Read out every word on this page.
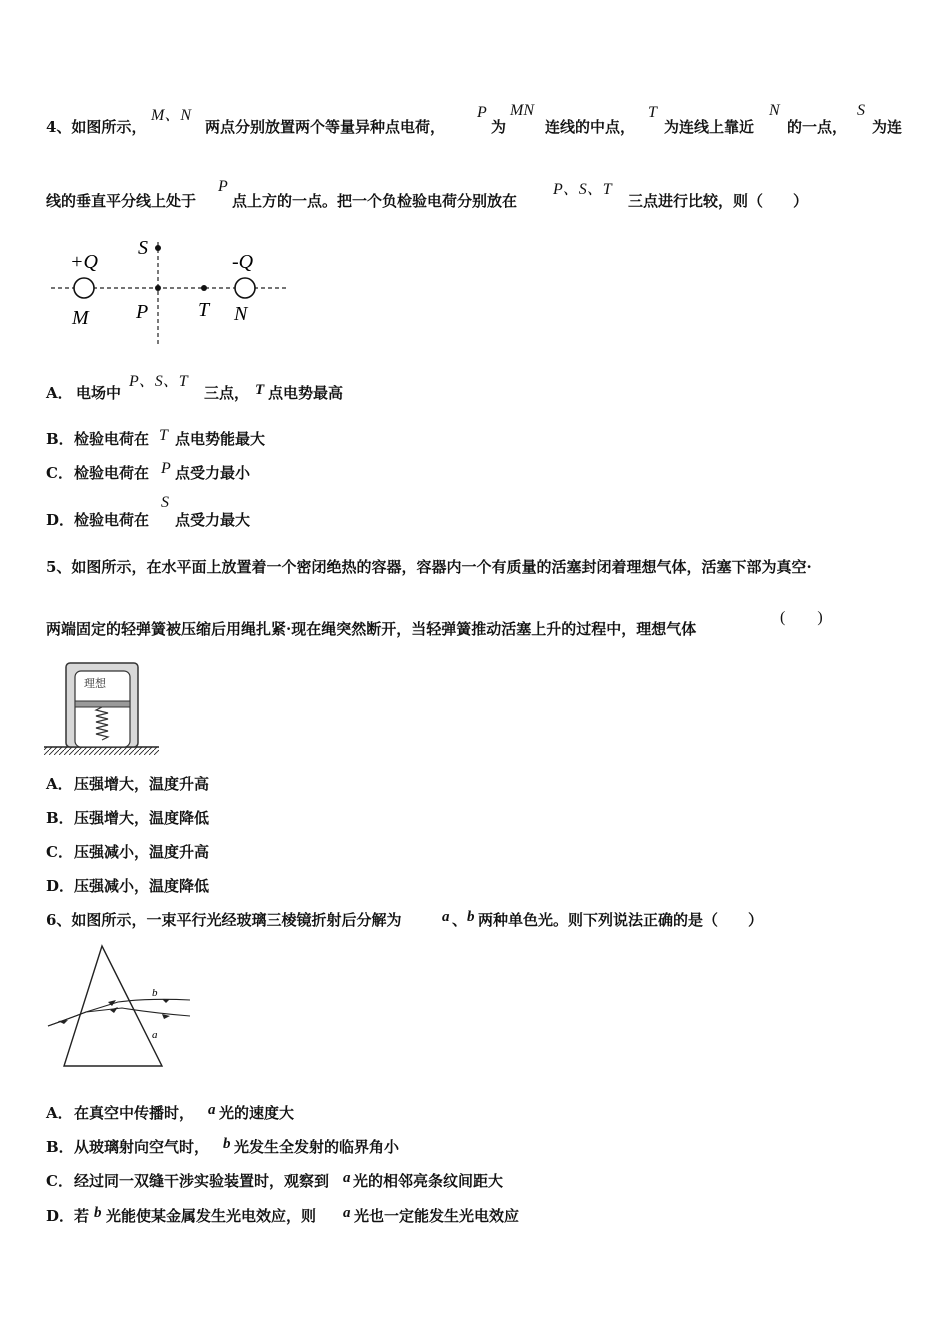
4、如图所示，
M、N
两点分别放置两个等量异种点电荷，
P
为
MN
连线的中点，
T
为连线上靠近
N
的一点，
S
为连
线的垂直平分线上处于
P
点上方的一点。把一个负检验电荷分别放在
P、S、T
三点进行比较，则（　　）
+Q	-Q
S
M P T N
A． 电场中
P、S、T
三点， T 点电势最高
B． 检验电荷在 T 点电势能最大
C． 检验电荷在 P 点受力最小
D． 检验电荷在
S
点受力最大
5、如图所示，在水平面上放置着一个密闭绝热的容器，容器内一个有质量的活塞封闭着理想气体，活塞下部为真空·
两端固定的轻弹簧被压缩后用绳扎紧·现在绳突然断开，当轻弹簧推动活塞上升的过程中，理想气体
(　　)
理想
A． 压强增大，温度升高
B． 压强增大，温度降低
C． 压强减小，温度升高
D． 压强减小，温度降低
6、如图所示，一束平行光经玻璃三棱镜折射后分解为	a 、 b 两种单色光。则下列说法正确的是（　　）
b
a
A． 在真空中传播时， a 光的速度大
B． 从玻璃射向空气时， b 光发生全发射的临界角小
C． 经过同一双缝干涉实验装置时，观察到 a 光的相邻亮条纹间距大
D． 若 b 光能使某金属发生光电效应，则 a 光也一定能发生光电效应
